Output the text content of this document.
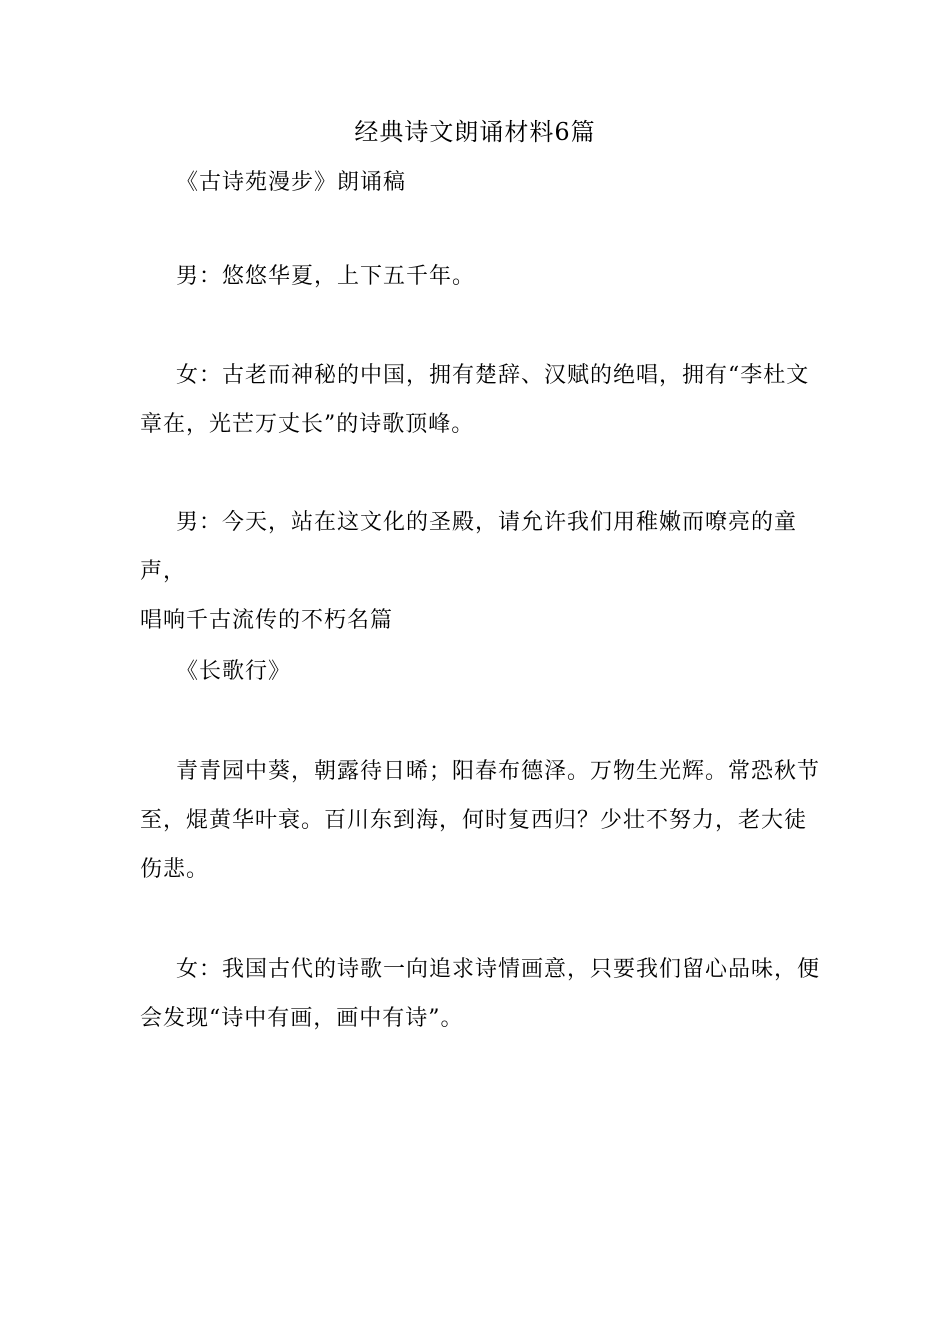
经典诗文朗诵材料6篇

《古诗苑漫步》朗诵稿

男：悠悠华夏，上下五千年。

女：古老而神秘的中国，拥有楚辞、汉赋的绝唱，拥有“李杜文
章在，光芒万丈长”的诗歌顶峰。

男：今天，站在这文化的圣殿，请允许我们用稚嫩而嘹亮的童声，
唱响千古流传的不朽名篇

《长歌行》

青青园中葵，朝露待日晞；阳春布德泽。万物生光辉。常恐秋节
至，焜黄华叶衰。百川东到海，何时复西归？少壮不努力，老大徒
伤悲。

女：我国古代的诗歌一向追求诗情画意，只要我们留心品味，便
会发现“诗中有画，画中有诗”。
